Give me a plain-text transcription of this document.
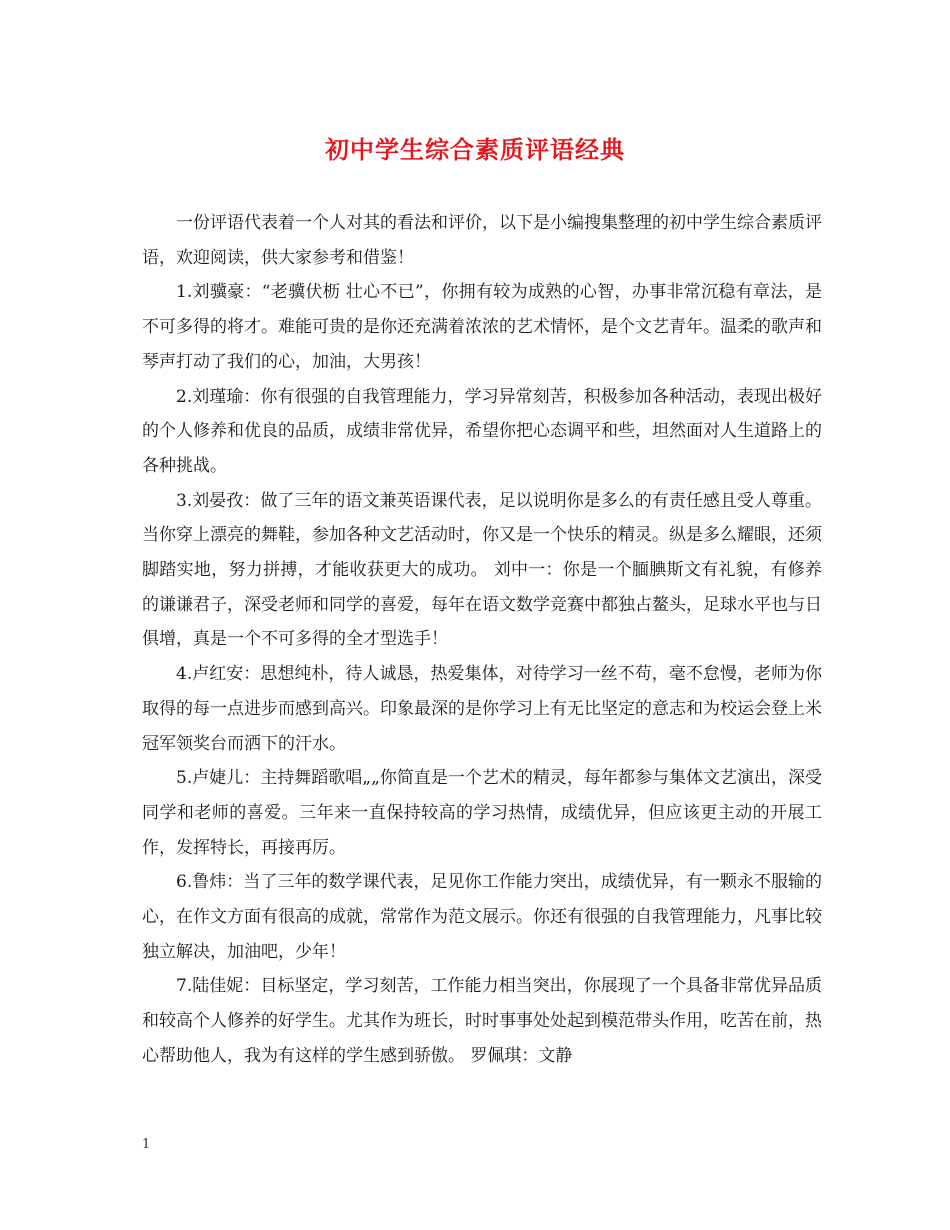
初中学生综合素质评语经典

一份评语代表着一个人对其的看法和评价，以下是小编搜集整理的初中学生综合素质评语，欢迎阅读，供大家参考和借鉴！

1.刘骥豪：“老骥伏枥 壮心不已”，你拥有较为成熟的心智，办事非常沉稳有章法，是不可多得的将才。难能可贵的是你还充满着浓浓的艺术情怀，是个文艺青年。温柔的歌声和琴声打动了我们的心，加油，大男孩！

2.刘瑾瑜：你有很强的自我管理能力，学习异常刻苦，积极参加各种活动，表现出极好的个人修养和优良的品质，成绩非常优异，希望你把心态调平和些，坦然面对人生道路上的各种挑战。

3.刘晏孜：做了三年的语文兼英语课代表，足以说明你是多么的有责任感且受人尊重。当你穿上漂亮的舞鞋，参加各种文艺活动时，你又是一个快乐的精灵。纵是多么耀眼，还须脚踏实地，努力拼搏，才能收获更大的成功。 刘中一：你是一个腼腆斯文有礼貌，有修养的谦谦君子，深受老师和同学的喜爱，每年在语文数学竞赛中都独占鳌头，足球水平也与日俱增，真是一个不可多得的全才型选手！

4.卢红安：思想纯朴，待人诚恳，热爱集体，对待学习一丝不苟，毫不怠慢，老师为你取得的每一点进步而感到高兴。印象最深的是你学习上有无比坚定的意志和为校运会登上米冠军领奖台而洒下的汗水。

5.卢婕儿：主持舞蹈歌唱„„你简直是一个艺术的精灵，每年都参与集体文艺演出，深受同学和老师的喜爱。三年来一直保持较高的学习热情，成绩优异，但应该更主动的开展工作，发挥特长，再接再厉。

6.鲁炜：当了三年的数学课代表，足见你工作能力突出，成绩优异，有一颗永不服输的心，在作文方面有很高的成就，常常作为范文展示。你还有很强的自我管理能力，凡事比较独立解决，加油吧，少年！

7.陆佳妮：目标坚定，学习刻苦，工作能力相当突出，你展现了一个具备非常优异品质和较高个人修养的好学生。尤其作为班长，时时事事处处起到模范带头作用，吃苦在前，热心帮助他人，我为有这样的学生感到骄傲。 罗佩琪：文静

1
